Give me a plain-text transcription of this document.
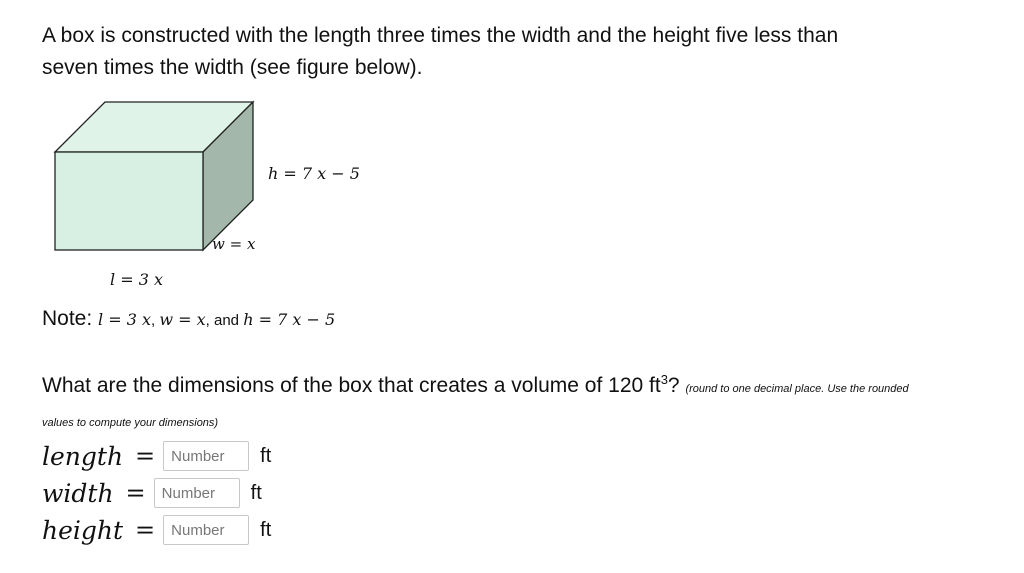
A box is constructed with the length three times the width and the height five less than
seven times the width (see figure below).

h = 7 x − 5
w = x
l = 3 x
Note: l = 3 x, w = x, and h = 7 x − 5
What are the dimensions of the box that creates a volume of 120 $ft^3$? (round to one decimal place. Use the rounded
values to compute your dimensions)
length =
Number	ft
width =
Number	ft
height =
Number	ft
